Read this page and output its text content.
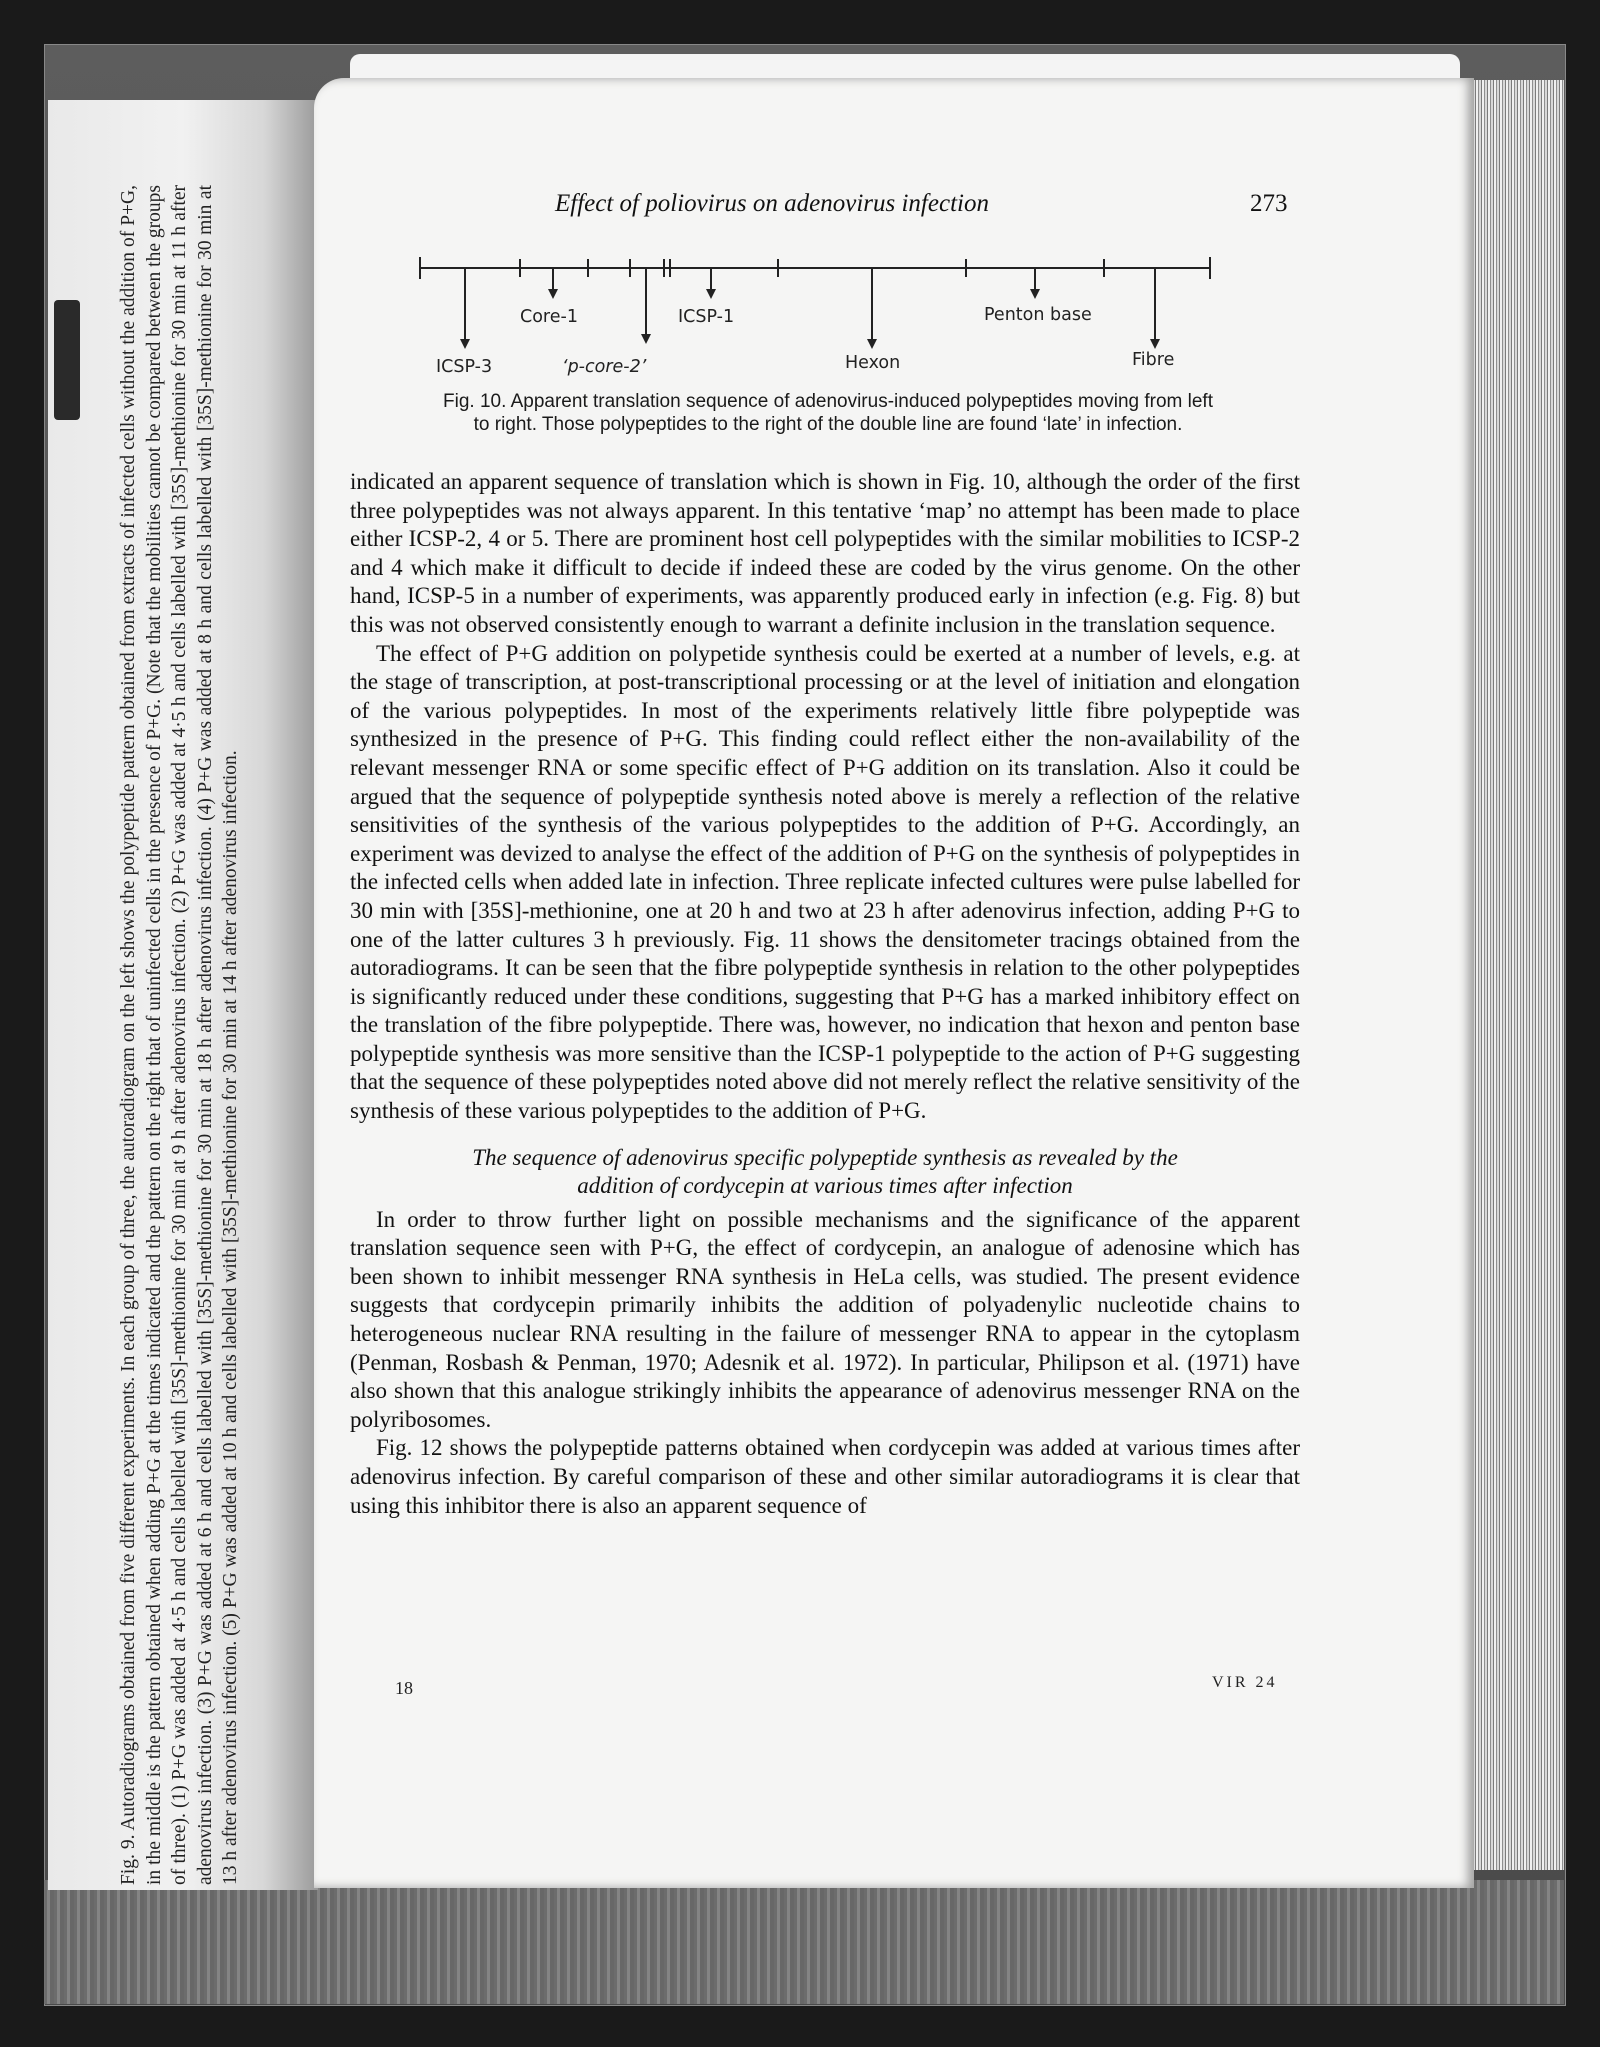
Fig. 9. Autoradiograms obtained from five different experiments. In each group of three, the autoradiogram on the left shows the polypeptide pattern obtained from extracts of infected cells without the addition of P+G, in the middle is the pattern obtained when adding P+G at the times indicated and the pattern on the right that of uninfected cells in the presence of P+G. (Note that the mobilities cannot be compared between the groups of three). (1) P+G was added at 4·5 h and cells labelled with [35S]-methionine for 30 min at 9 h after adenovirus infection. (2) P+G was added at 4·5 h and cells labelled with [35S]-methionine for 30 min at 11 h after adenovirus infection. (3) P+G was added at 6 h and cells labelled with [35S]-methionine for 30 min at 18 h after adenovirus infection. (4) P+G was added at 8 h and cells labelled with [35S]-methionine for 30 min at 13 h after adenovirus infection. (5) P+G was added at 10 h and cells labelled with [35S]-methionine for 30 min at 14 h after adenovirus infection.
Effect of poliovirus on adenovirus infection	273
ICSP-3
Core-1
‘p-core-2’
ICSP-1
Hexon
Penton base
Fibre
Fig. 10. Apparent translation sequence of adenovirus-induced polypeptides moving from left
to right. Those polypeptides to the right of the double line are found ‘late’ in infection.

indicated an apparent sequence of translation which is shown in Fig. 10, although the order of the first three polypeptides was not always apparent. In this tentative ‘map’ no attempt has been made to place either ICSP-2, 4 or 5. There are prominent host cell polypeptides with the similar mobilities to ICSP-2 and 4 which make it difficult to decide if indeed these are coded by the virus genome. On the other hand, ICSP-5 in a number of experiments, was apparently produced early in infection (e.g. Fig. 8) but this was not observed consistently enough to warrant a definite inclusion in the translation sequence.

The effect of P+G addition on polypetide synthesis could be exerted at a number of levels, e.g. at the stage of transcription, at post-transcriptional processing or at the level of initiation and elongation of the various polypeptides. In most of the experiments relatively little fibre polypeptide was synthesized in the presence of P+G. This finding could reflect either the non-availability of the relevant messenger RNA or some specific effect of P+G addition on its translation. Also it could be argued that the sequence of polypeptide synthesis noted above is merely a reflection of the relative sensitivities of the synthesis of the various polypeptides to the addition of P+G. Accordingly, an experiment was devized to analyse the effect of the addition of P+G on the synthesis of polypeptides in the infected cells when added late in infection. Three replicate infected cultures were pulse labelled for 30 min with [35S]-methionine, one at 20 h and two at 23 h after adenovirus infection, adding P+G to one of the latter cultures 3 h previously. Fig. 11 shows the densitometer tracings obtained from the autoradiograms. It can be seen that the fibre polypeptide synthesis in relation to the other polypeptides is significantly reduced under these conditions, suggesting that P+G has a marked inhibitory effect on the translation of the fibre polypeptide. There was, however, no indication that hexon and penton base polypeptide synthesis was more sensitive than the ICSP-1 polypeptide to the action of P+G suggesting that the sequence of these polypeptides noted above did not merely reflect the relative sensitivity of the synthesis of these various polypeptides to the addition of P+G.

The sequence of adenovirus specific polypeptide synthesis as revealed by the
addition of cordycepin at various times after infection

In order to throw further light on possible mechanisms and the significance of the apparent translation sequence seen with P+G, the effect of cordycepin, an analogue of adenosine which has been shown to inhibit messenger RNA synthesis in HeLa cells, was studied. The present evidence suggests that cordycepin primarily inhibits the addition of polyadenylic nucleotide chains to heterogeneous nuclear RNA resulting in the failure of messenger RNA to appear in the cytoplasm (Penman, Rosbash & Penman, 1970; Adesnik et al. 1972). In particular, Philipson et al. (1971) have also shown that this analogue strikingly inhibits the appearance of adenovirus messenger RNA on the polyribosomes.

Fig. 12 shows the polypeptide patterns obtained when cordycepin was added at various times after adenovirus infection. By careful comparison of these and other similar autoradiograms it is clear that using this inhibitor there is also an apparent sequence of

18	VIR 24
